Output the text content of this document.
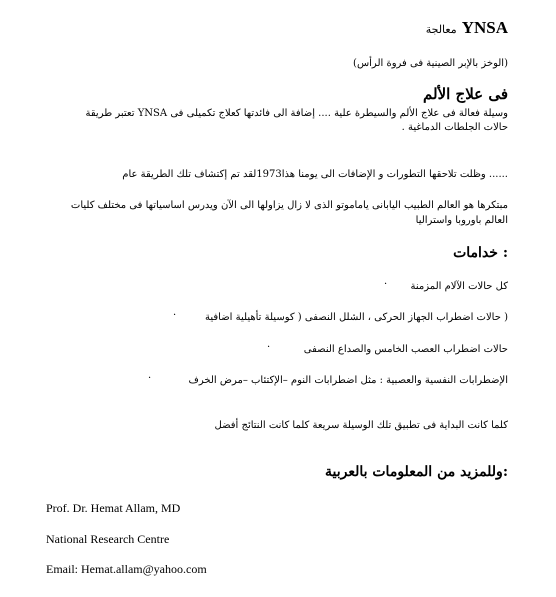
YNSA معالجة
(الوخز بالإبر الصينية فى فروة الرأس)
فى علاج الألم
وسيلة فعالة فى علاج الألم والسيطرة علية .... إضافة الى فائدتها كعلاج تكميلى فى YNSA تعتبر طريقة
حالات الجلطات الدماغية .
...... وظلت تلاحقها التطورات و الإضافات الى يومنا هذا1973لقد تم إكتشاف تلك الطريقة عام
مبتكرها هو العالم الطبيب اليابانى ياماموتو الذى لا زال يزاولها الى الآن ويدرس اساسياتها فى مختلف كليات
العالم باوروبا واستراليا
: خدامات
كل حالات الآلام المزمنة
·
( حالات اضطراب الجهاز الحركى ، الشلل النصفى ( كوسيلة تأهيلية اضافية
·
حالات اضطراب العصب الخامس والصداع النصفى
·
الإضطرابات النفسية والعصبية : مثل اضطرابات النوم –الإكتئاب –مرض الخرف
·
كلما كانت البداية فى تطبيق تلك الوسيلة سريعة كلما كانت النتائج أفضل
:وللمزيد من المعلومات بالعربية
Prof. Dr. Hemat Allam, MD
National Research Centre
Email: Hemat.allam@yahoo.com
